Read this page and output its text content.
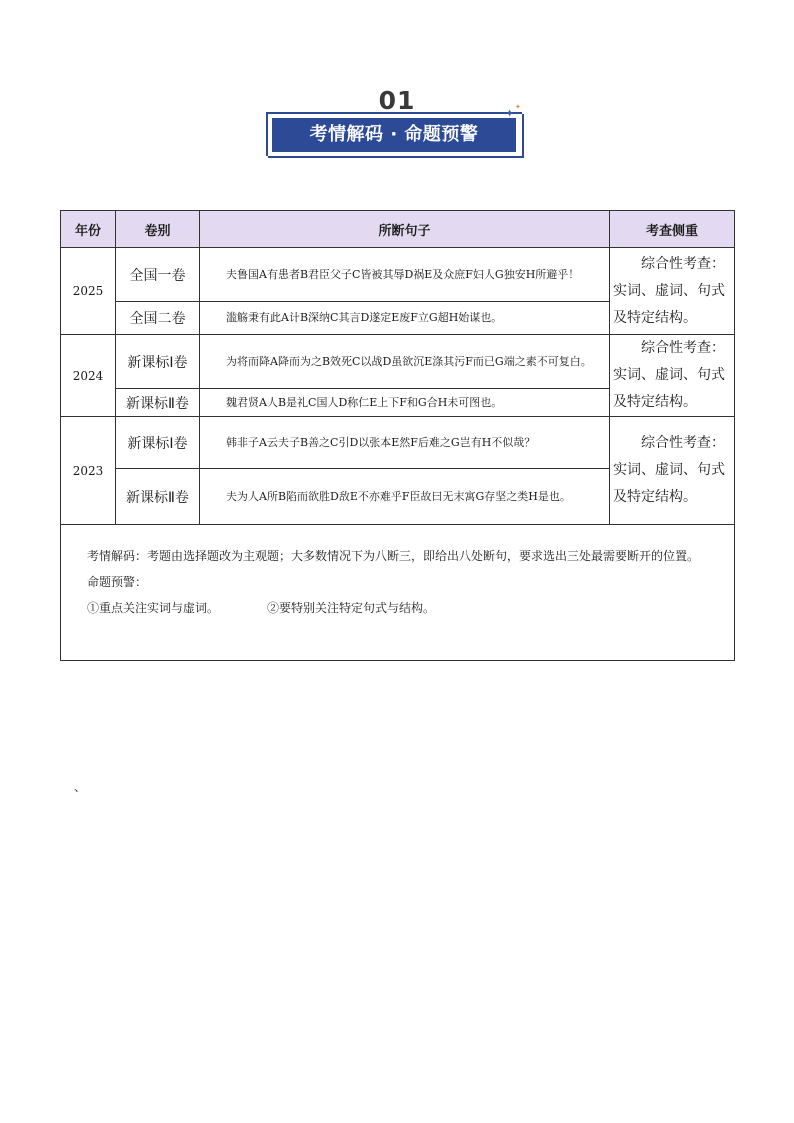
01
考情解码 · 命题预警
✦ ✦
年份	卷别	所断句子	考查侧重
2025	全国一卷	夫鲁国A有患者B君臣父子C皆被其辱D祸E及众庶F妇人G独安H所避乎！	综合性考查：
实词、虚词、句式
及特定结构。
	全国二卷	滥觞秉有此A计B深纳C其言D遂定E废F立G超H始谋也。	
2024	新课标Ⅰ卷	为将而降A降而为之B效死C以战D虽欲沉E涤其污F而已G端之素不可复白。	综合性考查：
实词、虚词、句式
及特定结构。
	新课标Ⅱ卷	魏君贤A人B是礼C国人D称仁E上下F和G合H未可图也。	
2023	新课标Ⅰ卷	韩非子A云夫子B善之C引D以张本E然F后难之G岂有H不似哉？	综合性考查：
实词、虚词、句式
及特定结构。
	新课标Ⅱ卷	夫为人A所B陷而欲胜D敌E不亦难乎F臣故曰无末寓G存坚之类H是也。	

考情解码：考题由选择题改为主观题；大多数情况下为八断三，即给出八处断句，要求选出三处最需要断开的位置。

命题预警：

①重点关注实词与虚词。 ②要特别关注特定句式与结构。			

、
